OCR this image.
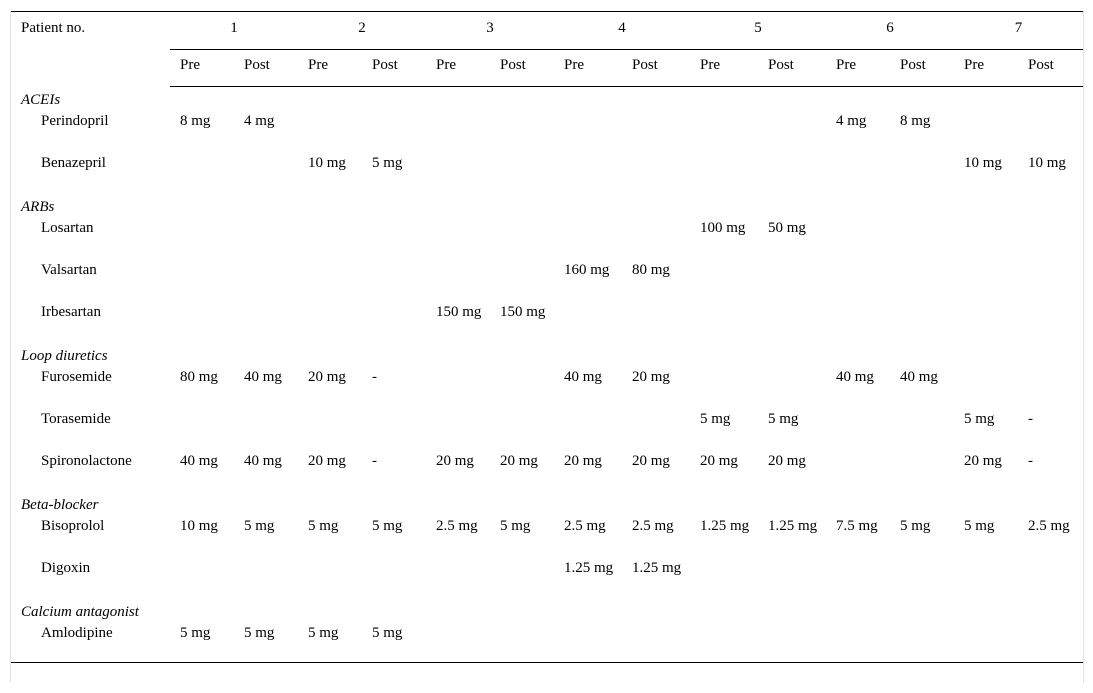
Patient no.	1		2		3		4		5		6		7	
	Pre	Post	Pre	Post	Pre	Post	Pre	Post	Pre	Post	Pre	Post	Pre	Post
ACEIs														
Perindopril	8 mg	4 mg									4 mg	8 mg		
Benazepril			10 mg	5 mg									10 mg	10 mg
ARBs														
Losartan									100 mg	50 mg				
Valsartan							160 mg	80 mg						
Irbesartan					150 mg	150 mg								
Loop diuretics														
Furosemide	80 mg	40 mg	20 mg	-			40 mg	20 mg			40 mg	40 mg		
Torasemide									5 mg	5 mg			5 mg	-
Spironolactone	40 mg	40 mg	20 mg	-	20 mg	20 mg	20 mg	20 mg	20 mg	20 mg			20 mg	-
Beta-blocker														
Bisoprolol	10 mg	5 mg	5 mg	5 mg	2.5 mg	5 mg	2.5 mg	2.5 mg	1.25 mg	1.25 mg	7.5 mg	5 mg	5 mg	2.5 mg
Digoxin							1.25 mg	1.25 mg						
Calcium antagonist														
Amlodipine	5 mg	5 mg	5 mg	5 mg										
